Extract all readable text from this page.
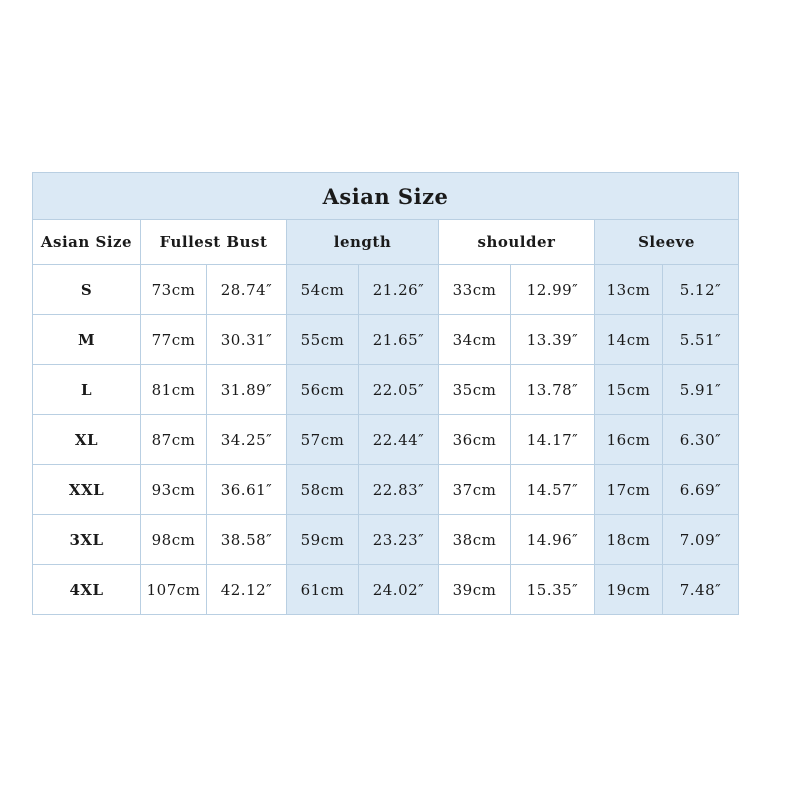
Asian Size								
Asian Size	Fullest Bust		length		shoulder		Sleeve	
S	73cm	28.74″	54cm	21.26″	33cm	12.99″	13cm	5.12″
M	77cm	30.31″	55cm	21.65″	34cm	13.39″	14cm	5.51″
L	81cm	31.89″	56cm	22.05″	35cm	13.78″	15cm	5.91″
XL	87cm	34.25″	57cm	22.44″	36cm	14.17″	16cm	6.30″
XXL	93cm	36.61″	58cm	22.83″	37cm	14.57″	17cm	6.69″
3XL	98cm	38.58″	59cm	23.23″	38cm	14.96″	18cm	7.09″
4XL	107cm	42.12″	61cm	24.02″	39cm	15.35″	19cm	7.48″
